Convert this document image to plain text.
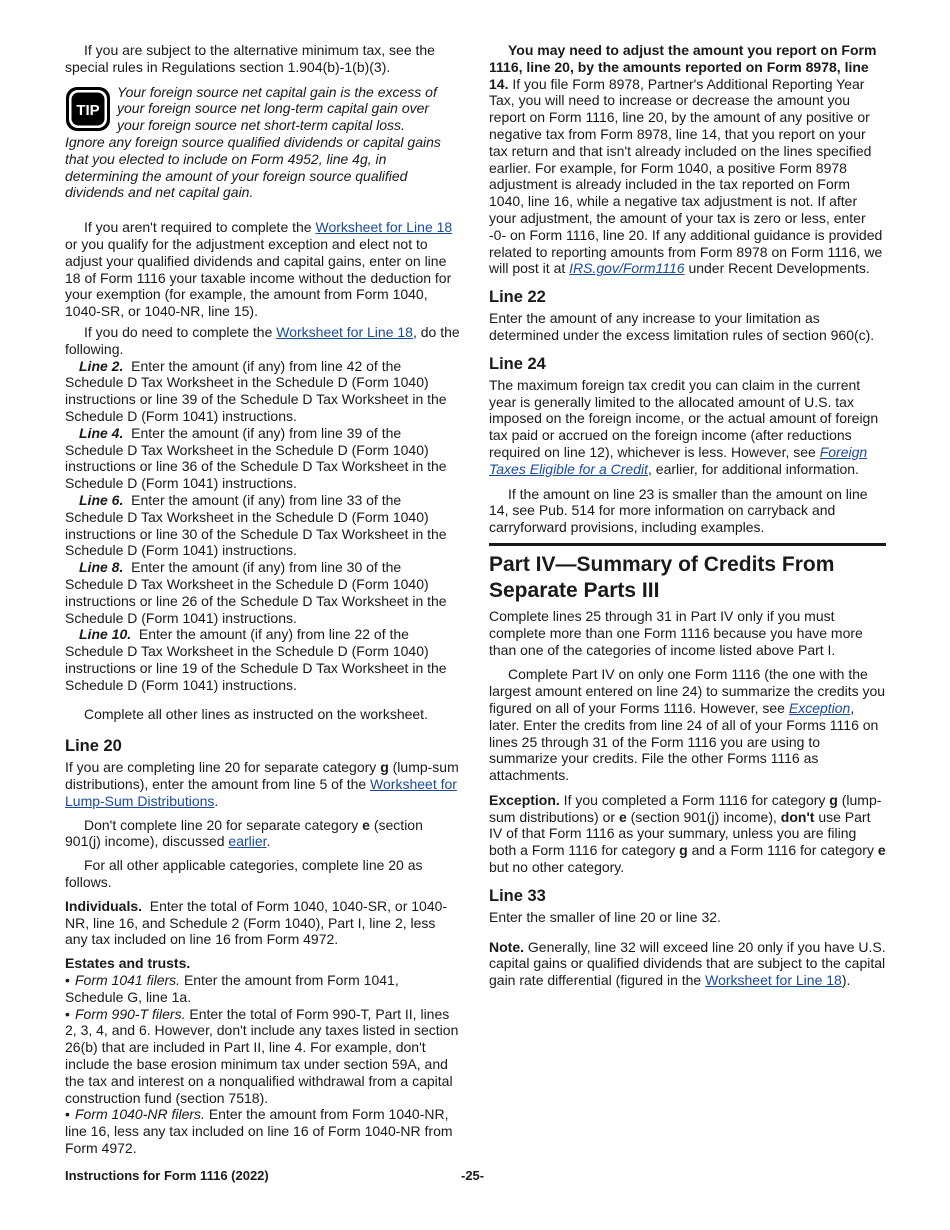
If you are subject to the alternative minimum tax, see the special rules in Regulations section 1.904(b)-1(b)(3).

TIP

Your foreign source net capital gain is the excess of your foreign source net long-term capital gain over your foreign source net short-term capital loss.

Ignore any foreign source qualified dividends or capital gains that you elected to include on Form 4952, line 4g, in determining the amount of your foreign source qualified dividends and net capital gain.

If you aren't required to complete the Worksheet for Line 18 or you qualify for the adjustment exception and elect not to adjust your qualified dividends and capital gains, enter on line 18 of Form 1116 your taxable income without the deduction for your exemption (for example, the amount from Form 1040, 1040-SR, or 1040-NR, line 15).

If you do need to complete the Worksheet for Line 18, do the following.

Line 2. Enter the amount (if any) from line 42 of the Schedule D Tax Worksheet in the Schedule D (Form 1040) instructions or line 39 of the Schedule D Tax Worksheet in the Schedule D (Form 1041) instructions.

Line 4. Enter the amount (if any) from line 39 of the Schedule D Tax Worksheet in the Schedule D (Form 1040) instructions or line 36 of the Schedule D Tax Worksheet in the Schedule D (Form 1041) instructions.

Line 6. Enter the amount (if any) from line 33 of the Schedule D Tax Worksheet in the Schedule D (Form 1040) instructions or line 30 of the Schedule D Tax Worksheet in the Schedule D (Form 1041) instructions.

Line 8. Enter the amount (if any) from line 30 of the Schedule D Tax Worksheet in the Schedule D (Form 1040) instructions or line 26 of the Schedule D Tax Worksheet in the Schedule D (Form 1041) instructions.

Line 10. Enter the amount (if any) from line 22 of the Schedule D Tax Worksheet in the Schedule D (Form 1040) instructions or line 19 of the Schedule D Tax Worksheet in the Schedule D (Form 1041) instructions.

Complete all other lines as instructed on the worksheet.

Line 20

If you are completing line 20 for separate category g (lump-sum distributions), enter the amount from line 5 of the Worksheet for Lump-Sum Distributions.

Don't complete line 20 for separate category e (section 901(j) income), discussed earlier.

For all other applicable categories, complete line 20 as follows.

Individuals. Enter the total of Form 1040, 1040-SR, or 1040-NR, line 16, and Schedule 2 (Form 1040), Part I, line 2, less any tax included on line 16 from Form 4972.

Estates and trusts.

• Form 1041 filers. Enter the amount from Form 1041, Schedule G, line 1a.

• Form 990-T filers. Enter the total of Form 990-T, Part II, lines 2, 3, 4, and 6. However, don't include any taxes listed in section 26(b) that are included in Part II, line 4. For example, don't include the base erosion minimum tax under section 59A, and the tax and interest on a nonqualified withdrawal from a capital construction fund (section 7518).

• Form 1040-NR filers. Enter the amount from Form 1040-NR, line 16, less any tax included on line 16 of Form 1040-NR from Form 4972.

You may need to adjust the amount you report on Form 1116, line 20, by the amounts reported on Form 8978, line 14. If you file Form 8978, Partner's Additional Reporting Year Tax, you will need to increase or decrease the amount you report on Form 1116, line 20, by the amount of any positive or negative tax from Form 8978, line 14, that you report on your tax return and that isn't already included on the lines specified earlier. For example, for Form 1040, a positive Form 8978 adjustment is already included in the tax reported on Form 1040, line 16, while a negative tax adjustment is not. If after your adjustment, the amount of your tax is zero or less, enter -0- on Form 1116, line 20. If any additional guidance is provided related to reporting amounts from Form 8978 on Form 1116, we will post it at IRS.gov/Form1116 under Recent Developments.

Line 22

Enter the amount of any increase to your limitation as determined under the excess limitation rules of section 960(c).

Line 24

The maximum foreign tax credit you can claim in the current year is generally limited to the allocated amount of U.S. tax imposed on the foreign income, or the actual amount of foreign tax paid or accrued on the foreign income (after reductions required on line 12), whichever is less. However, see Foreign Taxes Eligible for a Credit, earlier, for additional information.

If the amount on line 23 is smaller than the amount on line 14, see Pub. 514 for more information on carryback and carryforward provisions, including examples.

Part IV—Summary of Credits From Separate Parts III

Complete lines 25 through 31 in Part IV only if you must complete more than one Form 1116 because you have more than one of the categories of income listed above Part I.

Complete Part IV on only one Form 1116 (the one with the largest amount entered on line 24) to summarize the credits you figured on all of your Forms 1116. However, see Exception, later. Enter the credits from line 24 of all of your Forms 1116 on lines 25 through 31 of the Form 1116 you are using to summarize your credits. File the other Forms 1116 as attachments.

Exception. If you completed a Form 1116 for category g (lump-sum distributions) or e (section 901(j) income), don't use Part IV of that Form 1116 as your summary, unless you are filing both a Form 1116 for category g and a Form 1116 for category e but no other category.

Line 33

Enter the smaller of line 20 or line 32.

Note. Generally, line 32 will exceed line 20 only if you have U.S. capital gains or qualified dividends that are subject to the capital gain rate differential (figured in the Worksheet for Line 18).

Instructions for Form 1116 (2022)	-25-
